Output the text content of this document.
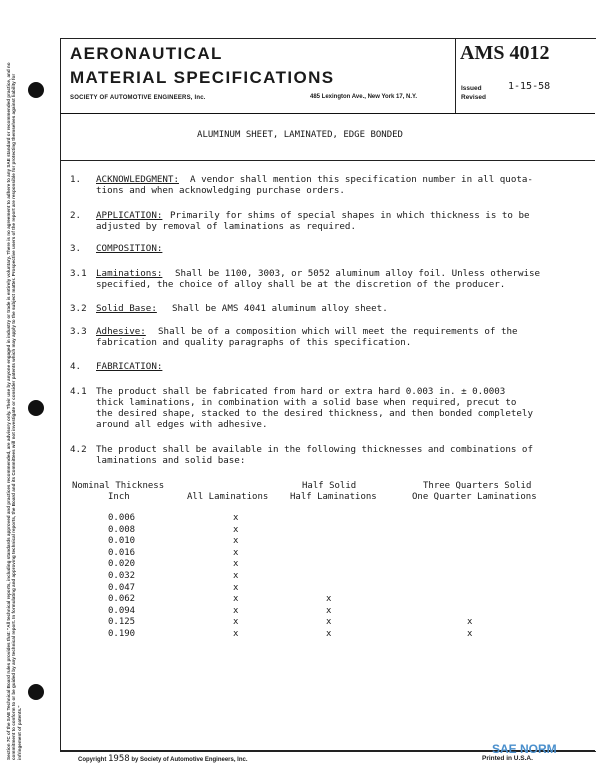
Section 7C of the SAE Technical Board rules provides that: "All technical reports, including standards approved and practices recommended, are advisory only. Their use by anyone engaged in industry or trade is entirely voluntary. There is no agreement to adhere to any SAE standard or recommended practice, and no commitment to conform to or be guided by any technical report. In formulating and approving technical reports, the Board and its Committees will not investigate or consider patents which may apply to the subject matter. Prospective users of the report are responsible for protecting themselves against liability for infringement of patents."
AERONAUTICAL
MATERIAL SPECIFICATIONS
SOCIETY OF AUTOMOTIVE ENGINEERS, Inc.	485 Lexington Ave., New York 17, N.Y.
AMS 4012
Issued
Revised
1-15-58
ALUMINUM SHEET, LAMINATED, EDGE BONDED
1. ACKNOWLEDGMENT: A vendor shall mention this specification number in all quota-
tions and when acknowledging purchase orders.
2. APPLICATION: Primarily for shims of special shapes in which thickness is to be
adjusted by removal of laminations as required.
3. COMPOSITION:
3.1 Laminations: Shall be 1100, 3003, or 5052 aluminum alloy foil. Unless otherwise
specified, the choice of alloy shall be at the discretion of the producer.
3.2 Solid Base: Shall be AMS 4041 aluminum alloy sheet.
3.3 Adhesive: Shall be of a composition which will meet the requirements of the
fabrication and quality paragraphs of this specification.
4. FABRICATION:
4.1 The product shall be fabricated from hard or extra hard 0.003 in. ± 0.0003
thick laminations, in combination with a solid base when required, precut to
the desired shape, stacked to the desired thickness, and then bonded completely
around all edges with adhesive.
4.2 The product shall be available in the following thicknesses and combinations of
laminations and solid base:
Nominal Thickness
Inch	All Laminations
Half Solid
Half Laminations
Three Quarters Solid
One Quarter Laminations
0.006	x
0.008	x
0.010	x
0.016	x
0.020	x
0.032	x
0.047	x
0.062	x	x
0.094	x	x
0.125	x	x	x
0.190	x	x	x
Copyright 1958 by Society of Automotive Engineers, Inc.	Printed in U.S.A.
SAE NORM
